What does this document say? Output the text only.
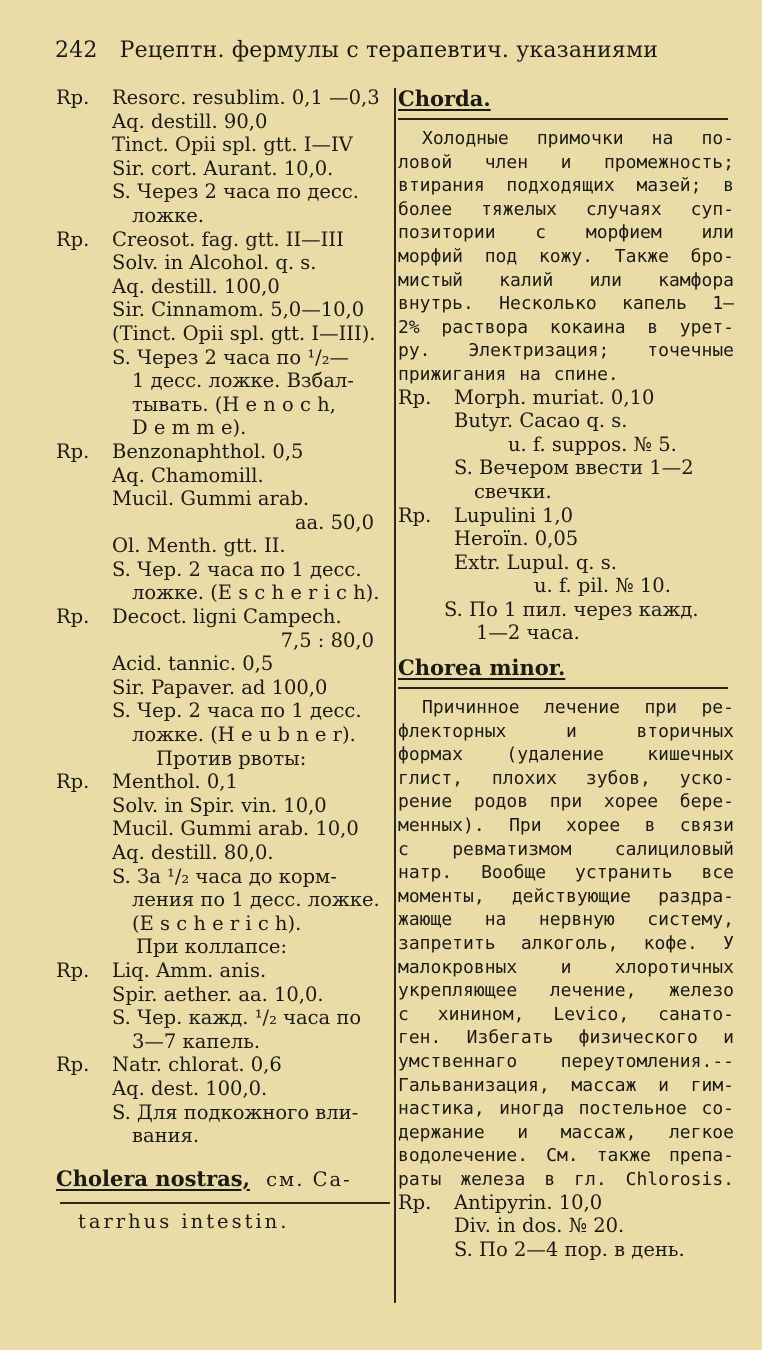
242 Рецептн. фермулы с терапевтич. указаниями
Rp. Resorc. resublim. 0,1 —0,3
Aq. destill. 90,0
Tinct. Opii spl. gtt. I—IV
Sir. cort. Aurant. 10,0.
S. Через 2 часа по десс.
ложке.
Rp. Creosot. fag. gtt. II—III
Solv. in Alcohol. q. s.
Aq. destill. 100,0
Sir. Cinnamom. 5,0—10,0
(Tinct. Opii spl. gtt. I—III).
S. Через 2 часа по ¹/₂—
1 десс. ложке. Взбал-
тывать. (H e n o c h,
D e m m e).
Rp. Benzonaphthol. 0,5
Aq. Chamomill.
Mucil. Gummi arab.
aa. 50,0
Ol. Menth. gtt. II.
S. Чер. 2 часа по 1 десс.
ложке. (E s c h e r i c h).
Rp. Decoct. ligni Campech.
7,5 : 80,0
Acid. tannic. 0,5
Sir. Papaver. ad 100,0
S. Чер. 2 часа по 1 десс.
ложке. (H e u b n e r).
Против рвоты:
Rp. Menthol. 0,1
Solv. in Spir. vin. 10,0
Mucil. Gummi arab. 10,0
Aq. destill. 80,0.
S. За ¹/₂ часа до корм-
ления по 1 десс. ложке.
(E s c h e r i c h).
При коллапсе:
Rp. Liq. Amm. anis.
Spir. aether. aa. 10,0.
S. Чер. кажд. ¹/₂ часа по
3—7 капель.
Rp. Natr. chlorat. 0,6
Aq. dest. 100,0.
S. Для подкожного вли-
вания.
Cholera nostras, см. Ca-
tarrhus intestin.
Chorda.
Холодные примочки на по-
ловой член и промежность;
втирания подходящих мазей; в
более тяжелых случаях суп-
позитории с морфием или
морфий под кожу. Также бро-
мистый калий или камфора
внутрь. Несколько капель 1—
2% раствора кокаина в урет-
ру. Электризация; точечные
прижигания на спине.
Rp. Morph. muriat. 0,10
Butyr. Cacao q. s.
u. f. suppos. № 5.
S. Вечером ввести 1—2
свечки.
Rp. Lupulini 1,0
Heroïn. 0,05
Extr. Lupul. q. s.
u. f. pil. № 10.
S. По 1 пил. через кажд.
1—2 часа.
Chorea minor.
Причинное лечение при ре-
флекторных и вторичных
формах (удаление кишечных
глист, плохих зубов, уско-
рение родов при хорее бере-
менных). При хорее в связи
с ревматизмом салициловый
натр. Вообще устранить все
моменты, действующие раздра-
жающе на нервную систему,
запретить алкоголь, кофе. У
малокровных и хлоротичных
укрепляющее лечение, железо
с хинином, Levico, санато-
ген. Избегать физического и
умственнаго переутомления.--
Гальванизация, массаж и гим-
настика, иногда постельное со-
держание и массаж, легкое
водолечение. См. также препа-
раты железа в гл. Chlorosis.
Rp. Antipyrin. 10,0
Div. in dos. № 20.
S. По 2—4 пор. в день.
